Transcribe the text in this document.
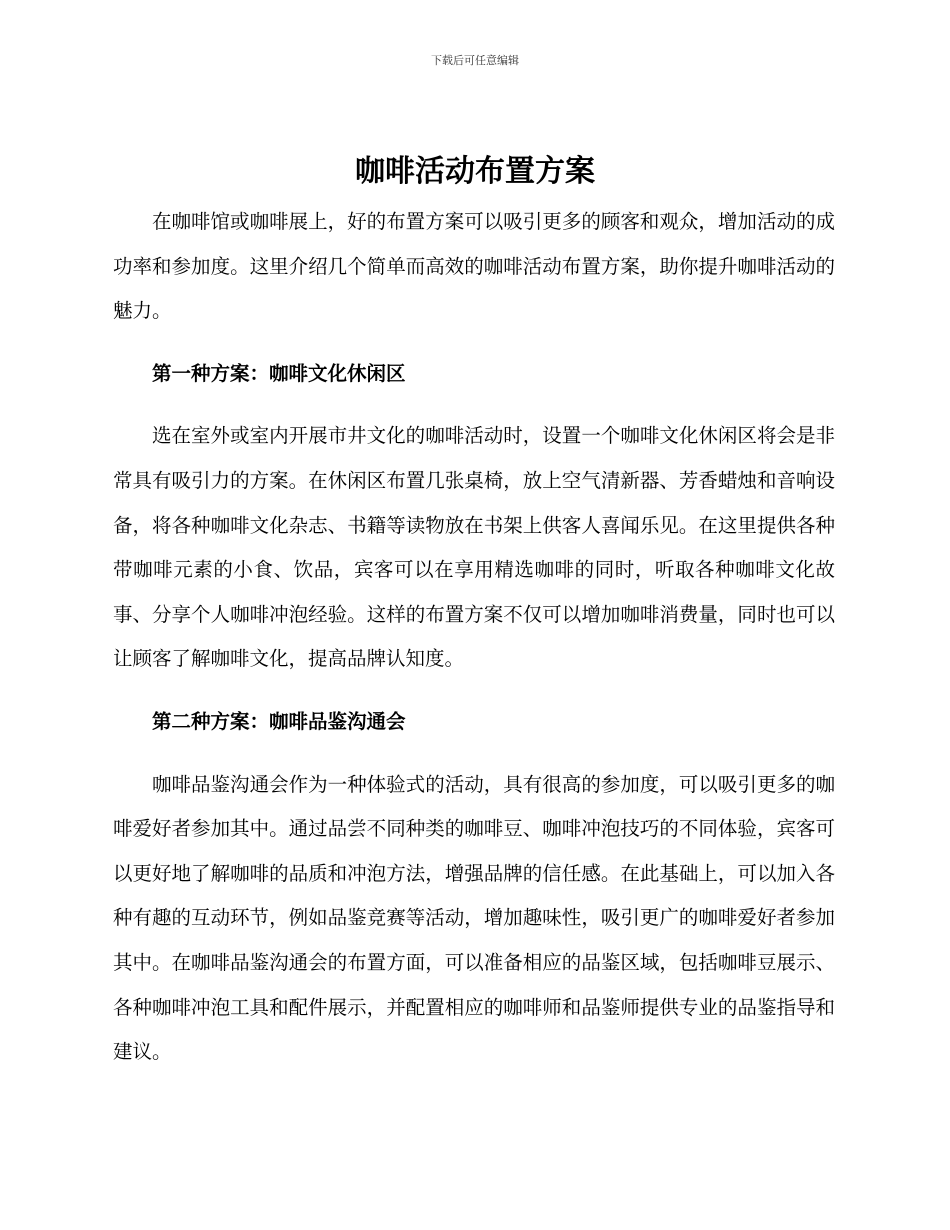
下载后可任意编辑
咖啡活动布置方案

在咖啡馆或咖啡展上，好的布置方案可以吸引更多的顾客和观众，增加活动的成功率和参加度。这里介绍几个简单而高效的咖啡活动布置方案，助你提升咖啡活动的魅力。

第一种方案：咖啡文化休闲区

选在室外或室内开展市井文化的咖啡活动时，设置一个咖啡文化休闲区将会是非常具有吸引力的方案。在休闲区布置几张桌椅，放上空气清新器、芳香蜡烛和音响设备，将各种咖啡文化杂志、书籍等读物放在书架上供客人喜闻乐见。在这里提供各种带咖啡元素的小食、饮品，宾客可以在享用精选咖啡的同时，听取各种咖啡文化故事、分享个人咖啡冲泡经验。这样的布置方案不仅可以增加咖啡消费量，同时也可以让顾客了解咖啡文化，提高品牌认知度。

第二种方案：咖啡品鉴沟通会

咖啡品鉴沟通会作为一种体验式的活动，具有很高的参加度，可以吸引更多的咖啡爱好者参加其中。通过品尝不同种类的咖啡豆、咖啡冲泡技巧的不同体验，宾客可以更好地了解咖啡的品质和冲泡方法，增强品牌的信任感。在此基础上，可以加入各种有趣的互动环节，例如品鉴竞赛等活动，增加趣味性，吸引更广的咖啡爱好者参加其中。在咖啡品鉴沟通会的布置方面，可以准备相应的品鉴区域，包括咖啡豆展示、各种咖啡冲泡工具和配件展示，并配置相应的咖啡师和品鉴师提供专业的品鉴指导和建议。
